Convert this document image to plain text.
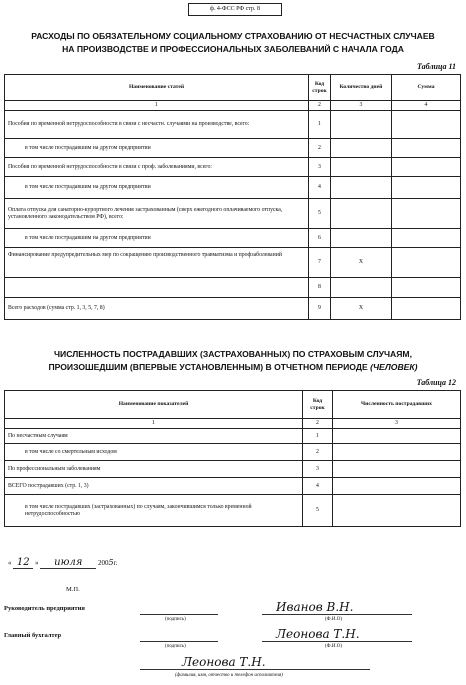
ф. 4-ФСС РФ стр. 8
РАСХОДЫ ПО ОБЯЗАТЕЛЬНОМУ СОЦИАЛЬНОМУ СТРАХОВАНИЮ ОТ НЕСЧАСТНЫХ СЛУЧАЕВ
НА ПРОИЗВОДСТВЕ И ПРОФЕССИОНАЛЬНЫХ ЗАБОЛЕВАНИЙ С НАЧАЛА ГОДА
Таблица 11
Наименование статей	Код строк	Количество дней	Сумма
1	2	3	4
Пособия по временной нетрудоспособности в связи с несчастн. случаями на производстве, всего:	1		
в том числе пострадавшим на другом предприятии	2		
Пособия по временной нетрудоспособности в связи с проф. заболеваниями, всего:	3		
в том числе пострадавшим на другом предприятии	4		
Оплата отпуска для санаторно-курортного лечения застрахованным (сверх ежегодного оплачиваемого отпуска, установленного законодательством РФ), всего:	5		
в том числе пострадавшим на другом предприятии	6		
Финансирование предупредительных мер по сокращению производственного травматизма и профзаболеваний	7	X	
	8		
Всего расходов (сумма стр. 1, 3, 5, 7, 8)	9	X	
ЧИСЛЕННОСТЬ ПОСТРАДАВШИХ (ЗАСТРАХОВАННЫХ) ПО СТРАХОВЫМ СЛУЧАЯМ,
ПРОИЗОШЕДШИМ (ВПЕРВЫЕ УСТАНОВЛЕННЫМ) В ОТЧЕТНОМ ПЕРИОДЕ (ЧЕЛОВЕК)
Таблица 12
Наименование показателей	Код строк	Численность пострадавших
1	2	3
По несчастным случаям	1	
в том числе со смертельным исходом	2	
По профессиональным заболеваниям	3	
ВСЕГО пострадавших (стр. 1, 3)	4	
в том числе пострадавших (застрахованных) по случаям, закончившимся только временной нетрудоспособностью	5	
« 12 » июля 2005г.
М.П.
Руководитель предприятия
(подпись)
Иванов В.Н.
(Ф.И.О)
Главный бухгалтер
(подпись)
Леонова Т.Н.
(Ф.И.О)
Леонова Т.Н.
(фамилия, имя, отчество и телефон исполнителя)
